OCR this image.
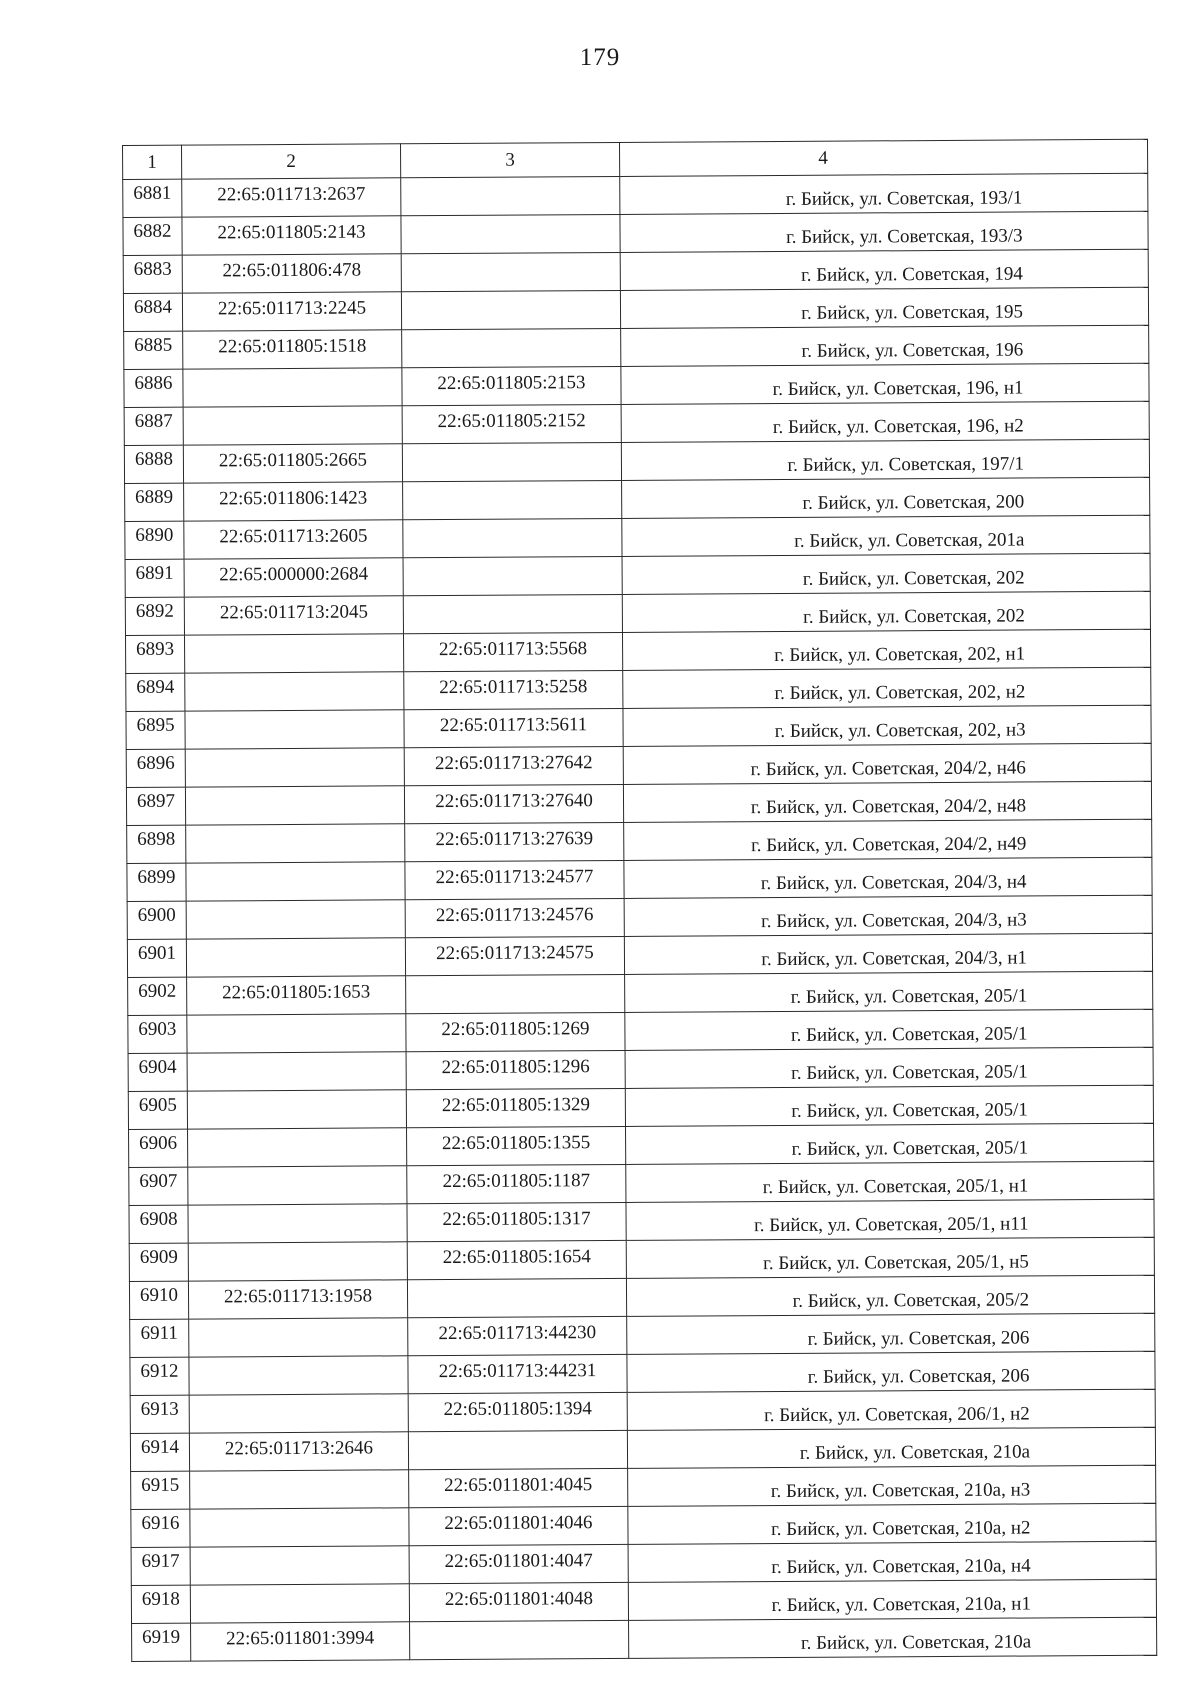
179
1	2	3	4
6881	22:65:011713:2637		г. Бийск, ул. Советская, 193/1
6882	22:65:011805:2143		г. Бийск, ул. Советская, 193/3
6883	22:65:011806:478		г. Бийск, ул. Советская, 194
6884	22:65:011713:2245		г. Бийск, ул. Советская, 195
6885	22:65:011805:1518		г. Бийск, ул. Советская, 196
6886		22:65:011805:2153	г. Бийск, ул. Советская, 196, н1
6887		22:65:011805:2152	г. Бийск, ул. Советская, 196, н2
6888	22:65:011805:2665		г. Бийск, ул. Советская, 197/1
6889	22:65:011806:1423		г. Бийск, ул. Советская, 200
6890	22:65:011713:2605		г. Бийск, ул. Советская, 201а
6891	22:65:000000:2684		г. Бийск, ул. Советская, 202
6892	22:65:011713:2045		г. Бийск, ул. Советская, 202
6893		22:65:011713:5568	г. Бийск, ул. Советская, 202, н1
6894		22:65:011713:5258	г. Бийск, ул. Советская, 202, н2
6895		22:65:011713:5611	г. Бийск, ул. Советская, 202, н3
6896		22:65:011713:27642	г. Бийск, ул. Советская, 204/2, н46
6897		22:65:011713:27640	г. Бийск, ул. Советская, 204/2, н48
6898		22:65:011713:27639	г. Бийск, ул. Советская, 204/2, н49
6899		22:65:011713:24577	г. Бийск, ул. Советская, 204/3, н4
6900		22:65:011713:24576	г. Бийск, ул. Советская, 204/3, н3
6901		22:65:011713:24575	г. Бийск, ул. Советская, 204/3, н1
6902	22:65:011805:1653		г. Бийск, ул. Советская, 205/1
6903		22:65:011805:1269	г. Бийск, ул. Советская, 205/1
6904		22:65:011805:1296	г. Бийск, ул. Советская, 205/1
6905		22:65:011805:1329	г. Бийск, ул. Советская, 205/1
6906		22:65:011805:1355	г. Бийск, ул. Советская, 205/1
6907		22:65:011805:1187	г. Бийск, ул. Советская, 205/1, н1
6908		22:65:011805:1317	г. Бийск, ул. Советская, 205/1, н11
6909		22:65:011805:1654	г. Бийск, ул. Советская, 205/1, н5
6910	22:65:011713:1958		г. Бийск, ул. Советская, 205/2
6911		22:65:011713:44230	г. Бийск, ул. Советская, 206
6912		22:65:011713:44231	г. Бийск, ул. Советская, 206
6913		22:65:011805:1394	г. Бийск, ул. Советская, 206/1, н2
6914	22:65:011713:2646		г. Бийск, ул. Советская, 210а
6915		22:65:011801:4045	г. Бийск, ул. Советская, 210а, н3
6916		22:65:011801:4046	г. Бийск, ул. Советская, 210а, н2
6917		22:65:011801:4047	г. Бийск, ул. Советская, 210а, н4
6918		22:65:011801:4048	г. Бийск, ул. Советская, 210а, н1
6919	22:65:011801:3994		г. Бийск, ул. Советская, 210а
